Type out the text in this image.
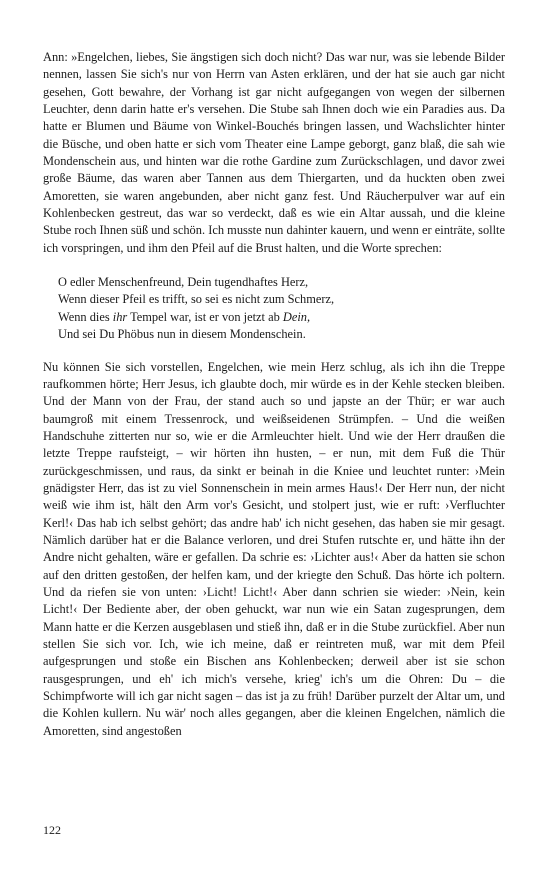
Ann: »Engelchen, liebes, Sie ängstigen sich doch nicht? Das war nur, was sie lebende Bilder nennen, lassen Sie sich's nur von Herrn van Asten erklären, und der hat sie auch gar nicht gesehen, Gott bewahre, der Vorhang ist gar nicht aufgegangen von wegen der silbernen Leuchter, denn darin hatte er's versehen. Die Stube sah Ihnen doch wie ein Paradies aus. Da hatte er Blumen und Bäume von Winkel-Bouchés bringen lassen, und Wachslichter hinter die Büsche, und oben hatte er sich vom Theater eine Lampe geborgt, ganz blaß, die sah wie Mondenschein aus, und hinten war die rothe Gardine zum Zurückschlagen, und davor zwei große Bäume, das waren aber Tannen aus dem Thiergarten, und da huckten oben zwei Amoretten, sie waren angebunden, aber nicht ganz fest. Und Räucherpulver war auf ein Kohlenbecken gestreut, das war so verdeckt, daß es wie ein Altar aussah, und die kleine Stube roch Ihnen süß und schön. Ich musste nun dahinter kauern, und wenn er einträte, sollte ich vorspringen, und ihm den Pfeil auf die Brust halten, und die Worte sprechen:

O edler Menschenfreund, Dein tugendhaftes Herz,
Wenn dieser Pfeil es trifft, so sei es nicht zum Schmerz,
Wenn dies ihr Tempel war, ist er von jetzt ab Dein,
Und sei Du Phöbus nun in diesem Mondenschein.

Nu können Sie sich vorstellen, Engelchen, wie mein Herz schlug, als ich ihn die Treppe raufkommen hörte; Herr Jesus, ich glaubte doch, mir würde es in der Kehle stecken bleiben. Und der Mann von der Frau, der stand auch so und japste an der Thür; er war auch baumgroß mit einem Tressenrock, und weißseidenen Strümpfen. – Und die weißen Handschuhe zitterten nur so, wie er die Armleuchter hielt. Und wie der Herr draußen die letzte Treppe raufsteigt, – wir hörten ihn husten, – er nun, mit dem Fuß die Thür zurückgeschmissen, und raus, da sinkt er beinah in die Kniee und leuchtet runter: ›Mein gnädigster Herr, das ist zu viel Sonnenschein in mein armes Haus!‹ Der Herr nun, der nicht weiß wie ihm ist, hält den Arm vor's Gesicht, und stolpert just, wie er ruft: ›Verfluchter Kerl!‹ Das hab ich selbst gehört; das andre hab' ich nicht gesehen, das haben sie mir gesagt. Nämlich darüber hat er die Balance verloren, und drei Stufen rutschte er, und hätte ihn der Andre nicht gehalten, wäre er gefallen. Da schrie es: ›Lichter aus!‹ Aber da hatten sie schon auf den dritten gestoßen, der helfen kam, und der kriegte den Schuß. Das hörte ich poltern. Und da riefen sie von unten: ›Licht! Licht!‹ Aber dann schrien sie wieder: ›Nein, kein Licht!‹ Der Bediente aber, der oben gehuckt, war nun wie ein Satan zugesprungen, dem Mann hatte er die Kerzen ausgeblasen und stieß ihn, daß er in die Stube zurückfiel. Aber nun stellen Sie sich vor. Ich, wie ich meine, daß er reintreten muß, war mit dem Pfeil aufgesprungen und stoße ein Bischen ans Kohlenbecken; derweil aber ist sie schon rausgesprungen, und eh' ich mich's versehe, krieg' ich's um die Ohren: Du – die Schimpfworte will ich gar nicht sagen – das ist ja zu früh! Darüber purzelt der Altar um, und die Kohlen kullern. Nu wär' noch alles gegangen, aber die kleinen Engelchen, nämlich die Amoretten, sind angestoßen

122
